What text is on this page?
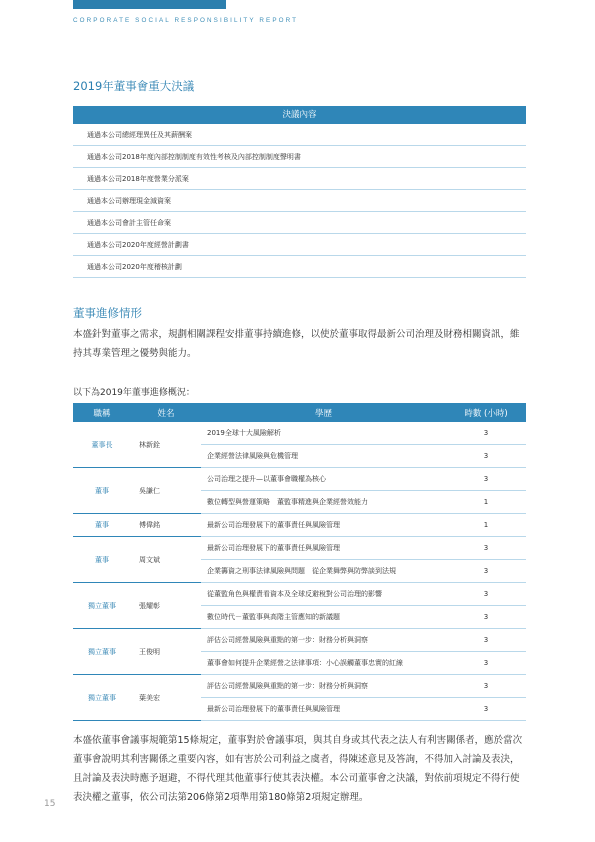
CORPORATE SOCIAL RESPONSIBILITY REPORT
2019年董事會重大決議
決議內容
通過本公司總經理異任及其薪酬案
通過本公司2018年度內部控制制度有效性考核及內部控制制度聲明書
通過本公司2018年度營業分派案
通過本公司辦理現金減資案
通過本公司會計主管任命案
通過本公司2020年度經營計劃書
通過本公司2020年度稽核計劃
董事進修情形

本盛針對董事之需求，規劃相關課程安排董事持續進修，以使於董事取得最新公司治理及財務相關資訊，維持其專業管理之優勢與能力。

以下為2019年董事進修概況：
職稱	姓名	學歷	時數 (小時)
董事長	林新銓	2019全球十大風險解析	3
		企業經營法律風險與危機管理	3
董事	吳謙仁	公司治理之提升—以董事會職權為核心	3
		數位轉型與營運策略　董監事精進與企業經營效能力	1
董事	傅偉銘	最新公司治理發展下的董事責任與風險管理	1
董事	周文斌	最新公司治理發展下的董事責任與風險管理	3
		企業籌資之刑事法律風險與問題　從企業舞弊與防弊談到法規	3
獨立董事	張耀彰	從董監角色與權責看資本及全球反避稅對公司治理的影響	3
		數位時代－董監事與高階主管應知的新議題	3
獨立董事	王俊明	評估公司經營風險與重點的第一步：財務分析與洞察	3
		董事會如何提升企業經營之法律事項：小心誤觸董事忠實的紅線	3
獨立董事	葉美宏	評估公司經營風險與重點的第一步：財務分析與洞察	3
		最新公司治理發展下的董事責任與風險管理	3

本盛依董事會議事規範第15條規定，董事對於會議事項，與其自身或其代表之法人有利害關係者，應於當次董事會說明其利害關係之重要內容，如有害於公司利益之虞者，得陳述意見及答詢，不得加入討論及表決，且討論及表決時應予迴避，不得代理其他董事行使其表決權。本公司董事會之決議，對依前項規定不得行使表決權之董事，依公司法第206條第2項準用第180條第2項規定辦理。

15
